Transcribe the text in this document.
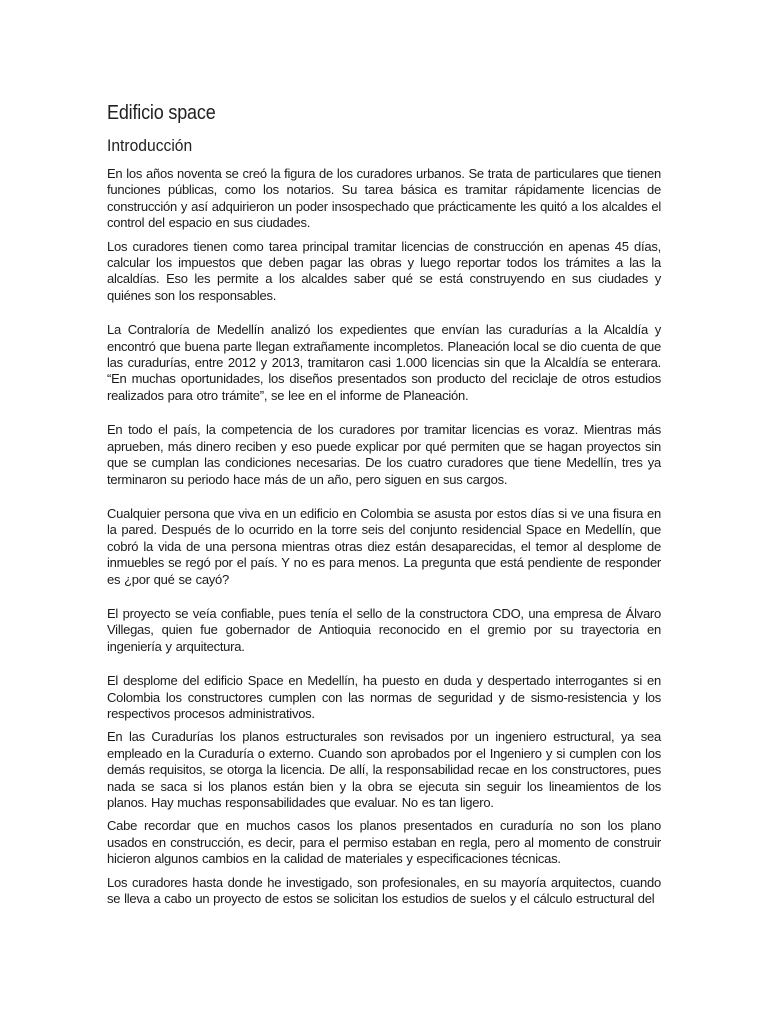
Edificio space
Introducción

En los años noventa se creó la figura de los curadores urbanos. Se trata de particulares que tienen funciones públicas, como los notarios. Su tarea básica es tramitar rápidamente licencias de construcción y así adquirieron un poder insospechado que prácticamente les quitó a los alcaldes el control del espacio en sus ciudades.

Los curadores tienen como tarea principal tramitar licencias de construcción en apenas 45 días, calcular los impuestos que deben pagar las obras y luego reportar todos los trámites a las la alcaldías. Eso les permite a los alcaldes saber qué se está construyendo en sus ciudades y quiénes son los responsables.

La Contraloría de Medellín analizó los expedientes que envían las curadurías a la Alcaldía y encontró que buena parte llegan extrañamente incompletos. Planeación local se dio cuenta de que las curadurías, entre 2012 y 2013, tramitaron casi 1.000 licencias sin que la Alcaldía se enterara. “En muchas oportunidades, los diseños presentados son producto del reciclaje de otros estudios realizados para otro trámite”, se lee en el informe de Planeación.

En todo el país, la competencia de los curadores por tramitar licencias es voraz. Mientras más aprueben, más dinero reciben y eso puede explicar por qué permiten que se hagan proyectos sin que se cumplan las condiciones necesarias. De los cuatro curadores que tiene Medellín, tres ya terminaron su periodo hace más de un año, pero siguen en sus cargos.

Cualquier persona que viva en un edificio en Colombia se asusta por estos días si ve una fisura en la pared. Después de lo ocurrido en la torre seis del conjunto residencial Space en Medellín, que cobró la vida de una persona mientras otras diez están desaparecidas, el temor al desplome de inmuebles se regó por el país. Y no es para menos. La pregunta que está pendiente de responder es ¿por qué se cayó?

El proyecto se veía confiable, pues tenía el sello de la constructora CDO, una empresa de Álvaro Villegas, quien fue gobernador de Antioquia reconocido en el gremio por su trayectoria en ingeniería y arquitectura.

El desplome del edificio Space en Medellín, ha puesto en duda y despertado interrogantes si en Colombia los constructores cumplen con las normas de seguridad y de sismo-resistencia y los respectivos procesos administrativos.

En las Curadurías los planos estructurales son revisados por un ingeniero estructural, ya sea empleado en la Curaduría o externo. Cuando son aprobados por el Ingeniero y si cumplen con los demás requisitos, se otorga la licencia. De allí, la responsabilidad recae en los constructores, pues nada se saca si los planos están bien y la obra se ejecuta sin seguir los lineamientos de los planos. Hay muchas responsabilidades que evaluar. No es tan ligero.

Cabe recordar que en muchos casos los planos presentados en curaduría no son los plano usados en construcción, es decir, para el permiso estaban en regla, pero al momento de construir hicieron algunos cambios en la calidad de materiales y especificaciones técnicas.

Los curadores hasta donde he investigado, son profesionales, en su mayoría arquitectos, cuando se lleva a cabo un proyecto de estos se solicitan los estudios de suelos y el cálculo estructural del
